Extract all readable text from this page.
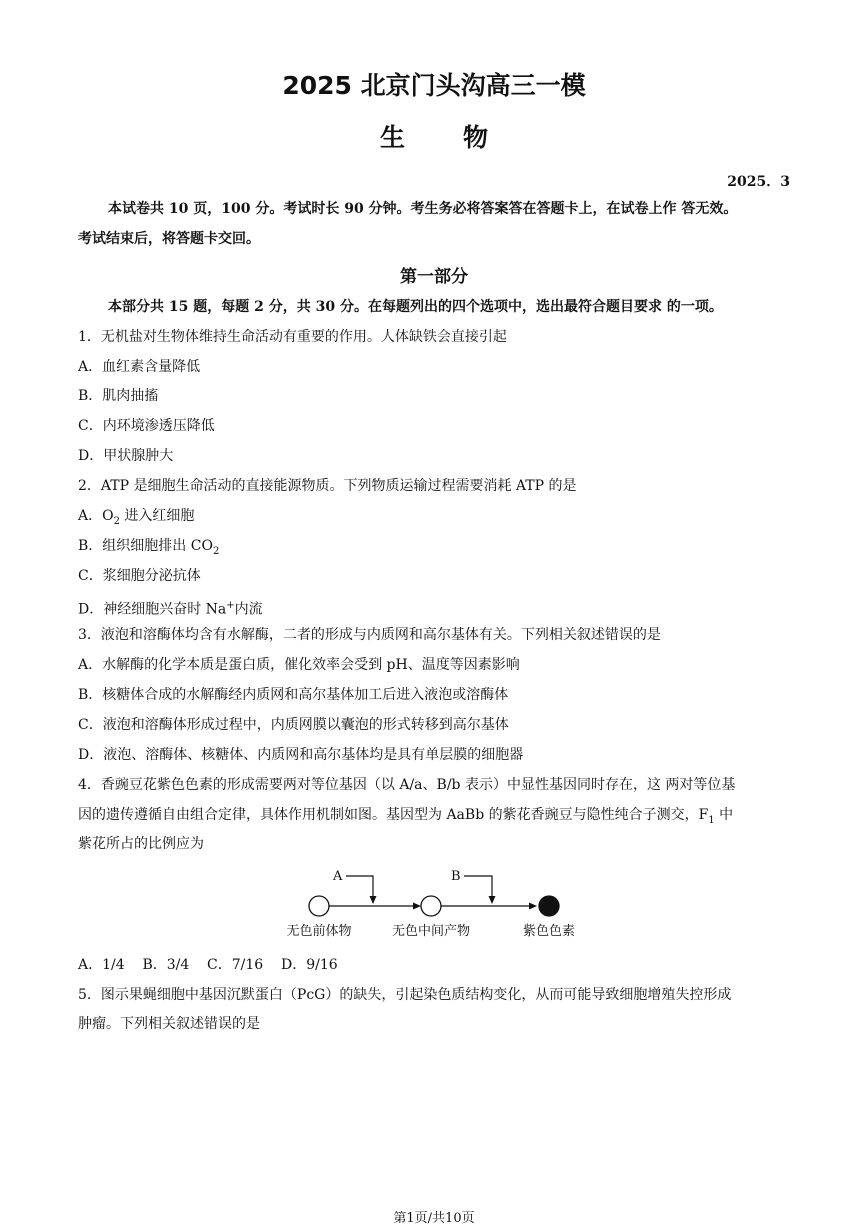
2025 北京门头沟高三一模
生物
2025．3
本试卷共 10 页，100 分。考试时长 90 分钟。考生务必将答案答在答题卡上，在试卷上作 答无效。
考试结束后，将答题卡交回。
第一部分
本部分共 15 题，每题 2 分，共 30 分。在每题列出的四个选项中，选出最符合题目要求 的一项。
1．无机盐对生物体维持生命活动有重要的作用。人体缺铁会直接引起
A．血红素含量降低
B．肌肉抽搐
C．内环境渗透压降低
D．甲状腺肿大
2．ATP 是细胞生命活动的直接能源物质。下列物质运输过程需要消耗 ATP 的是
A．$O_2$ 进入红细胞
B．组织细胞排出 $CO_2$
C．浆细胞分泌抗体
D．神经细胞兴奋时 Na+内流
3．液泡和溶酶体均含有水解酶，二者的形成与内质网和高尔基体有关。下列相关叙述错误的是
A．水解酶的化学本质是蛋白质，催化效率会受到 pH、温度等因素影响
B．核糖体合成的水解酶经内质网和高尔基体加工后进入液泡或溶酶体
C．液泡和溶酶体形成过程中，内质网膜以囊泡的形式转移到高尔基体
D．液泡、溶酶体、核糖体、内质网和高尔基体均是具有单层膜的细胞器
4．香豌豆花紫色色素的形成需要两对等位基因（以 A/a、B/b 表示）中显性基因同时存在，这 两对等位基
因的遗传遵循自由组合定律，具体作用机制如图。基因型为 AaBb 的紫花香豌豆与隐性纯合子测交，$F_1$ 中
紫花所占的比例应为
A	B
无色前体物	无色中间产物	紫色色素
A．1/4    B．3/4    C．7/16    D．9/16
5．图示果蝇细胞中基因沉默蛋白（PcG）的缺失，引起染色质结构变化，从而可能导致细胞增殖失控形成
肿瘤。下列相关叙述错误的是
第1页/共10页
